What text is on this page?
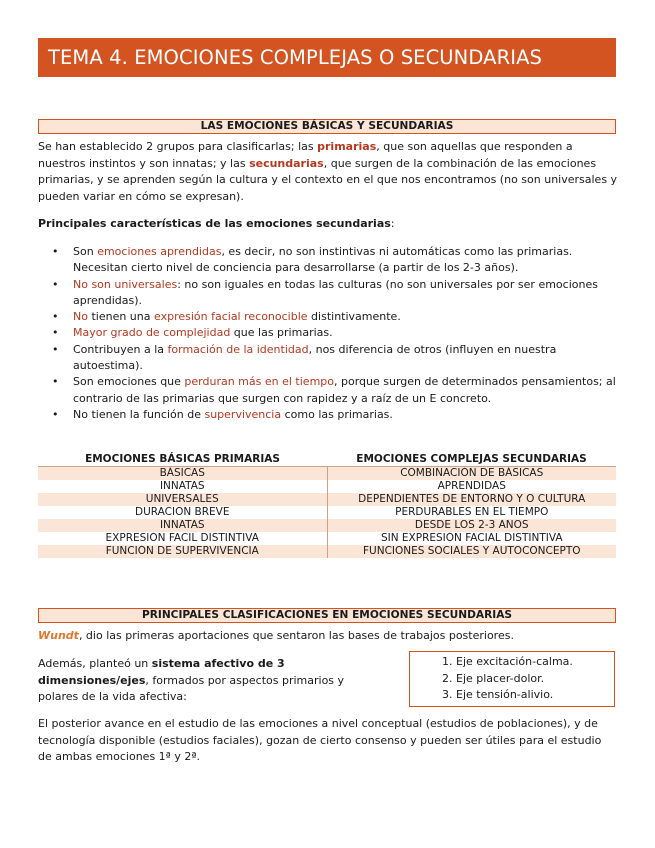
TEMA 4. EMOCIONES COMPLEJAS O SECUNDARIAS
LAS EMOCIONES BÁSICAS Y SECUNDARIAS

Se han establecido 2 grupos para clasificarlas; las primarias, que son aquellas que responden a nuestros instintos y son innatas; y las secundarias, que surgen de la combinación de las emociones primarias, y se aprenden según la cultura y el contexto en el que nos encontramos (no son universales y pueden variar en cómo se expresan).

Principales características de las emociones secundarias:

• Son emociones aprendidas, es decir, no son instintivas ni automáticas como las primarias. Necesitan cierto nivel de conciencia para desarrollarse (a partir de los 2-3 años).
• No son universales: no son iguales en todas las culturas (no son universales por ser emociones aprendidas).
• No tienen una expresión facial reconocible distintivamente.
• Mayor grado de complejidad que las primarias.
• Contribuyen a la formación de la identidad, nos diferencia de otros (influyen en nuestra autoestima).
• Son emociones que perduran más en el tiempo, porque surgen de determinados pensamientos; al contrario de las primarias que surgen con rapidez y a raíz de un E concreto.
• No tienen la función de supervivencia como las primarias.
EMOCIONES BÁSICAS PRIMARIAS	EMOCIONES COMPLEJAS SECUNDARIAS
BÁSICAS	COMBINACIÓN DE BÁSICAS
INNATAS	APRENDIDAS
UNIVERSALES	DEPENDIENTES DE ENTORNO Y O CULTURA
DURACIÓN BREVE	PERDURABLES EN EL TIEMPO
INNATAS	DESDE LOS 2-3 AÑOS
EXPRESIÓN FACIL DISTINTIVA	SIN EXPRESIÓN FACIAL DISTINTIVA
FUNCIÓN DE SUPERVIVENCIA	FUNCIONES SOCIALES Y AUTOCONCEPTO
PRINCIPALES CLASIFICACIONES EN EMOCIONES SECUNDARIAS

Wundt, dio las primeras aportaciones que sentaron las bases de trabajos posteriores.

Además, planteó un sistema afectivo de 3 dimensiones/ejes, formados por aspectos primarios y polares de la vida afectiva:

1. Eje excitación-calma.
2. Eje placer-dolor.
3. Eje tensión-alivio.

El posterior avance en el estudio de las emociones a nivel conceptual (estudios de poblaciones), y de tecnología disponible (estudios faciales), gozan de cierto consenso y pueden ser útiles para el estudio de ambas emociones 1ª y 2ª.
